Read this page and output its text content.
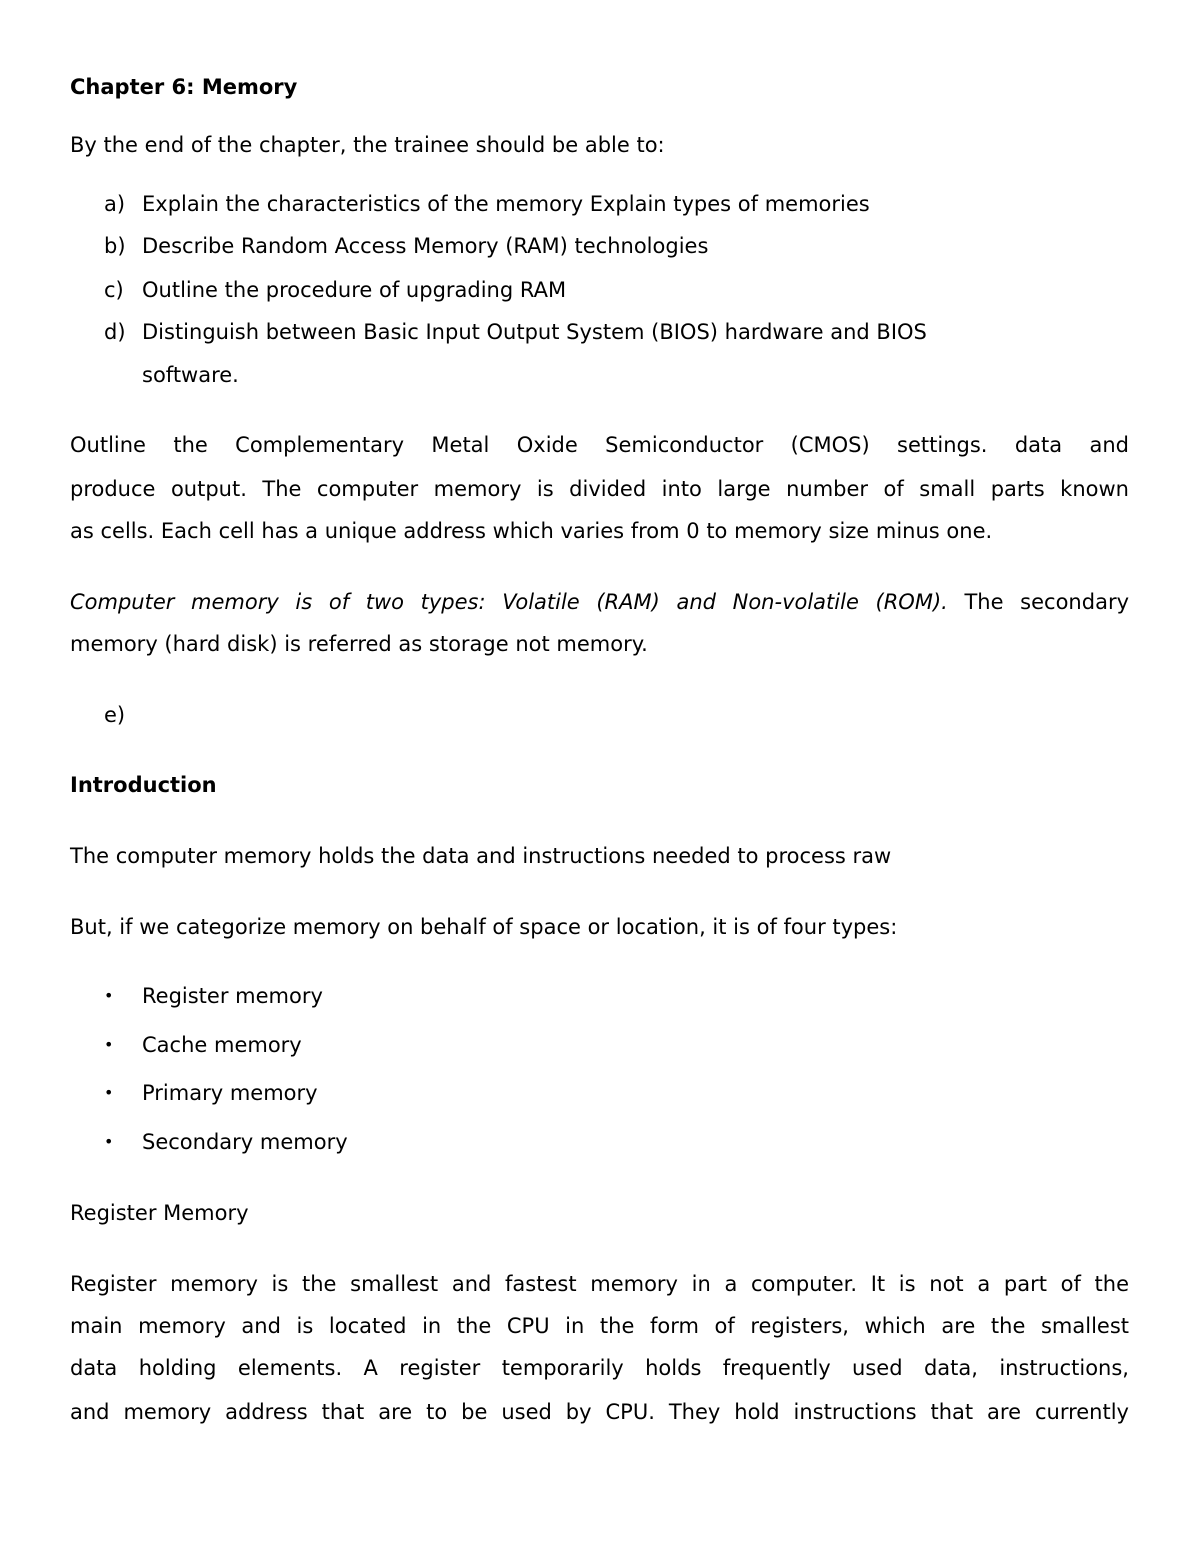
Chapter 6: Memory

By the end of the chapter, the trainee should be able to:

a) Explain the characteristics of the memory Explain types of memories

b) Describe Random Access Memory (RAM) technologies

c) Outline the procedure of upgrading RAM

d) Distinguish between Basic Input Output System (BIOS) hardware and BIOS

software.

Outline the Complementary Metal Oxide Semiconductor (CMOS) settings. data and

produce output. The computer memory is divided into large number of small parts known

as cells. Each cell has a unique address which varies from 0 to memory size minus one.

Computer memory is of two types: Volatile (RAM) and Non-volatile (ROM). The secondary

memory (hard disk) is referred as storage not memory.

e)

Introduction

The computer memory holds the data and instructions needed to process raw

But, if we categorize memory on behalf of space or location, it is of four types:

• Register memory

• Cache memory

• Primary memory

• Secondary memory

Register Memory

Register memory is the smallest and fastest memory in a computer. It is not a part of the

main memory and is located in the CPU in the form of registers, which are the smallest

data holding elements. A register temporarily holds frequently used data, instructions,

and memory address that are to be used by CPU. They hold instructions that are currently
